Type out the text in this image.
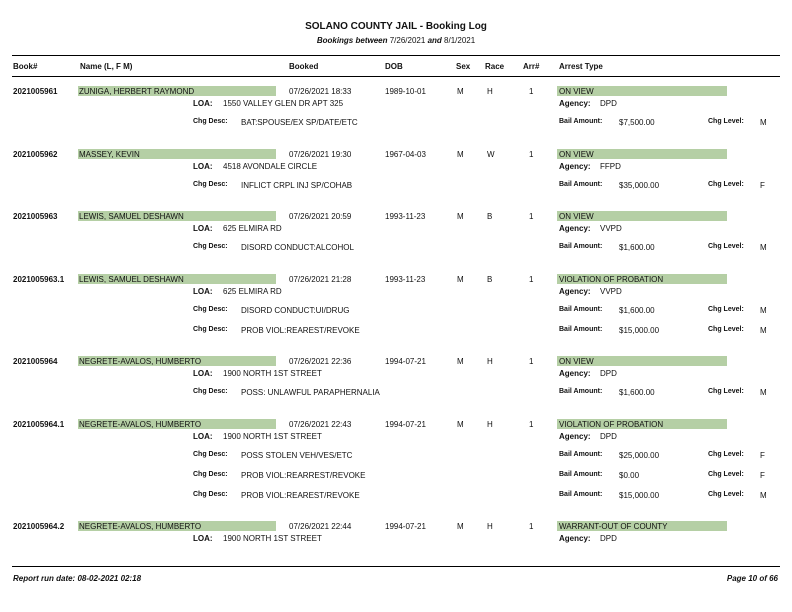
SOLANO COUNTY JAIL - Booking Log
Bookings between 7/26/2021 and 8/1/2021
Book#	Name (L, F M)	Booked	DOB	Sex Race Arr# Arrest Type
2021005961	ZUNIGA, HERBERT RAYMOND	07/26/2021 18:33	1989-10-01	M	H	1	ON VIEW
LOA: 1550 VALLEY GLEN DR APT 325	Agency: DPD
Chg Desc: BAT:SPOUSE/EX SP/DATE/ETC	Bail Amount: $7,500.00	Chg Level: M
2021005962	MASSEY, KEVIN	07/26/2021 19:30	1967-04-03	M	W	1	ON VIEW
LOA: 4518 AVONDALE CIRCLE	Agency: FFPD
Chg Desc: INFLICT CRPL INJ SP/COHAB	Bail Amount: $35,000.00	Chg Level: F
2021005963	LEWIS, SAMUEL DESHAWN	07/26/2021 20:59	1993-11-23	M	B	1	ON VIEW
LOA: 625 ELMIRA RD	Agency: VVPD
Chg Desc: DISORD CONDUCT:ALCOHOL	Bail Amount: $1,600.00	Chg Level: M
2021005963.1 LEWIS, SAMUEL DESHAWN	07/26/2021 21:28	1993-11-23	M	B	1	VIOLATION OF PROBATION
LOA: 625 ELMIRA RD	Agency: VVPD
Chg Desc: DISORD CONDUCT:UI/DRUG	Bail Amount: $1,600.00	Chg Level: M
Chg Desc: PROB VIOL:REAREST/REVOKE	Bail Amount: $15,000.00	Chg Level: M
2021005964	NEGRETE-AVALOS, HUMBERTO	07/26/2021 22:36	1994-07-21	M	H	1	ON VIEW
LOA: 1900 NORTH 1ST STREET	Agency: DPD
Chg Desc: POSS: UNLAWFUL PARAPHERNALIA	Bail Amount: $1,600.00	Chg Level: M
2021005964.1 NEGRETE-AVALOS, HUMBERTO	07/26/2021 22:43	1994-07-21	M	H	1	VIOLATION OF PROBATION
LOA: 1900 NORTH 1ST STREET	Agency: DPD
Chg Desc: POSS STOLEN VEH/VES/ETC	Bail Amount: $25,000.00	Chg Level: F
Chg Desc: PROB VIOL:REARREST/REVOKE	Bail Amount: $0.00	Chg Level: F
Chg Desc: PROB VIOL:REAREST/REVOKE	Bail Amount: $15,000.00	Chg Level: M
2021005964.2 NEGRETE-AVALOS, HUMBERTO	07/26/2021 22:44	1994-07-21	M	H	1	WARRANT-OUT OF COUNTY
LOA: 1900 NORTH 1ST STREET	Agency: DPD
Report run date: 08-02-2021 02:18	Page 10 of 66
